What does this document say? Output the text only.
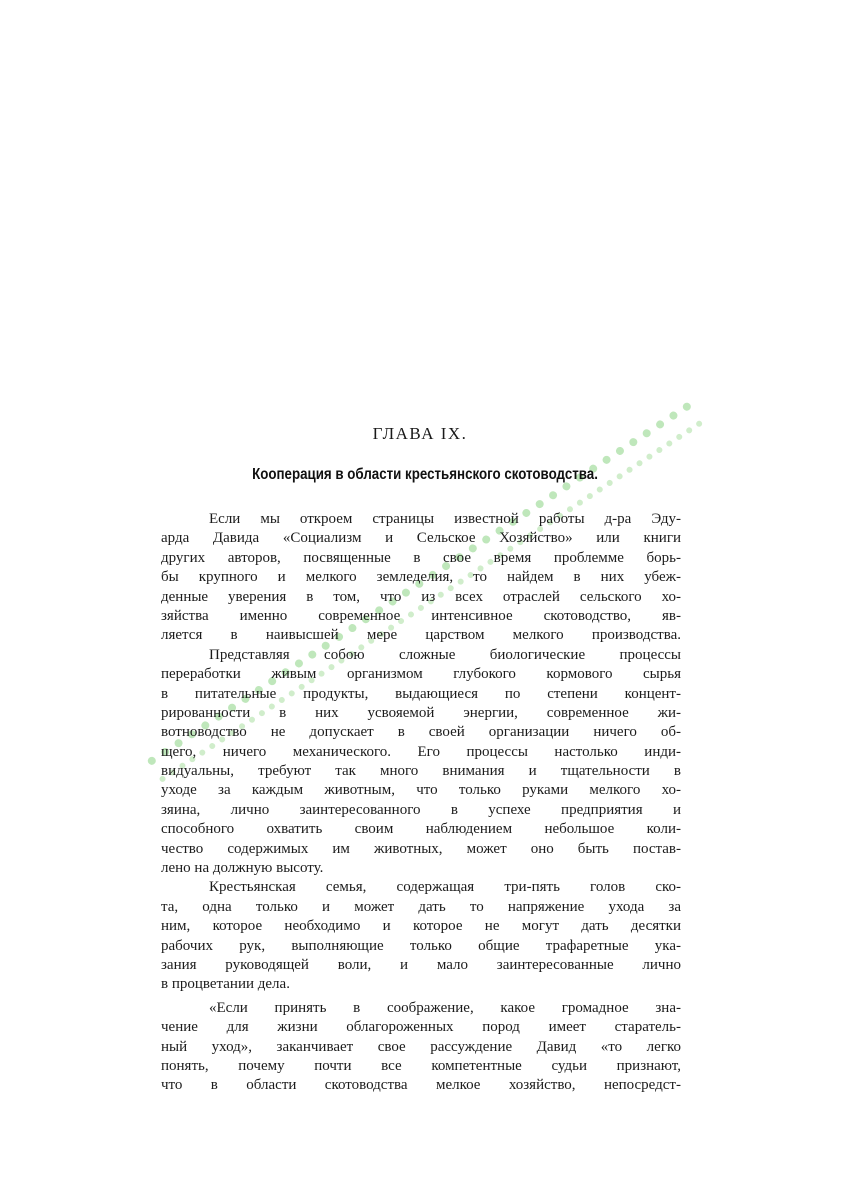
ГЛАВА IX.
Кооперация в области крестьянского скотоводства.
Если мы откроем страницы известной работы д-ра Эду-
арда Давида «Социализм и Сельское Хозяйство» или книги
других авторов, посвященные в свое время проблемме борь-
бы крупного и мелкого земледелия, то найдем в них убеж-
денные уверения в том, что из всех отраслей сельского хо-
зяйства именно современное интенсивное скотоводство, яв-
ляется в наивысшей мере царством мелкого производства.
Представляя собою сложные биологические процессы
переработки живым организмом глубокого кормового сырья
в питательные продукты, выдающиеся по степени концент-
рированности в них усвояемой энергии, современное жи-
вотноводство не допускает в своей организации ничего об-
щего, ничего механического. Его процессы настолько инди-
видуальны, требуют так много внимания и тщательности в
уходе за каждым животным, что только руками мелкого хо-
зяина, лично заинтересованного в успехе предприятия и
способного охватить своим наблюдением небольшое коли-
чество содержимых им животных, может оно быть постав-
лено на должную высоту.
Крестьянская семья, содержащая три-пять голов ско-
та, одна только и может дать то напряжение ухода за
ним, которое необходимо и которое не могут дать десятки
рабочих рук, выполняющие только общие трафаретные ука-
зания руководящей воли, и мало заинтересованные лично
в процветании дела.
«Если принять в соображение, какое громадное зна-
чение для жизни облагороженных пород имеет старатель-
ный уход», заканчивает свое рассуждение Давид «то легко
понять, почему почти все компетентные судьи признают,
что в области скотоводства мелкое хозяйство, непосредст-
